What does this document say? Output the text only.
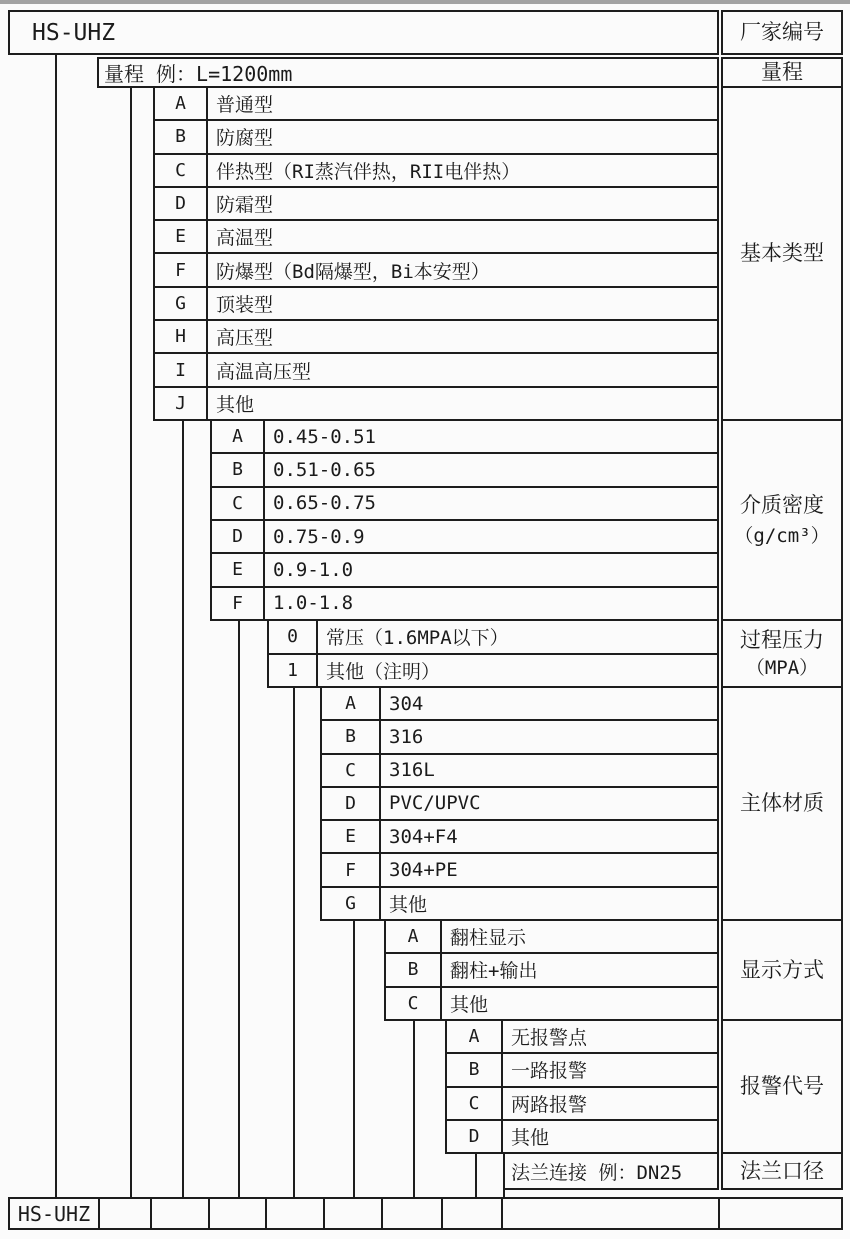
HS-UHZ	厂家编号
量程 例：L=1200mm	量程
A	普通型
B	防腐型
C	伴热型（RI蒸汽伴热，RII电伴热）
D	防霜型
E	高温型
F	防爆型（Bd隔爆型，Bi本安型）
G	顶装型
H	高压型
I	高温高压型
J	其他
基本类型
A	0.45-0.51
B	0.51-0.65
C	0.65-0.75
D	0.75-0.9
E	0.9-1.0
F	1.0-1.8
介质密度
（g/cm³）
0	常压（1.6MPA以下）
1	其他（注明）
过程压力
（MPA）
A	304
B	316
C	316L
D	PVC/UPVC
E	304+F4
F	304+PE
G	其他
主体材质
A	翻柱显示
B	翻柱+输出
C	其他
显示方式
A	无报警点
B	一路报警
C	两路报警
D	其他
报警代号
法兰连接 例：DN25	法兰口径
HS-UHZ
